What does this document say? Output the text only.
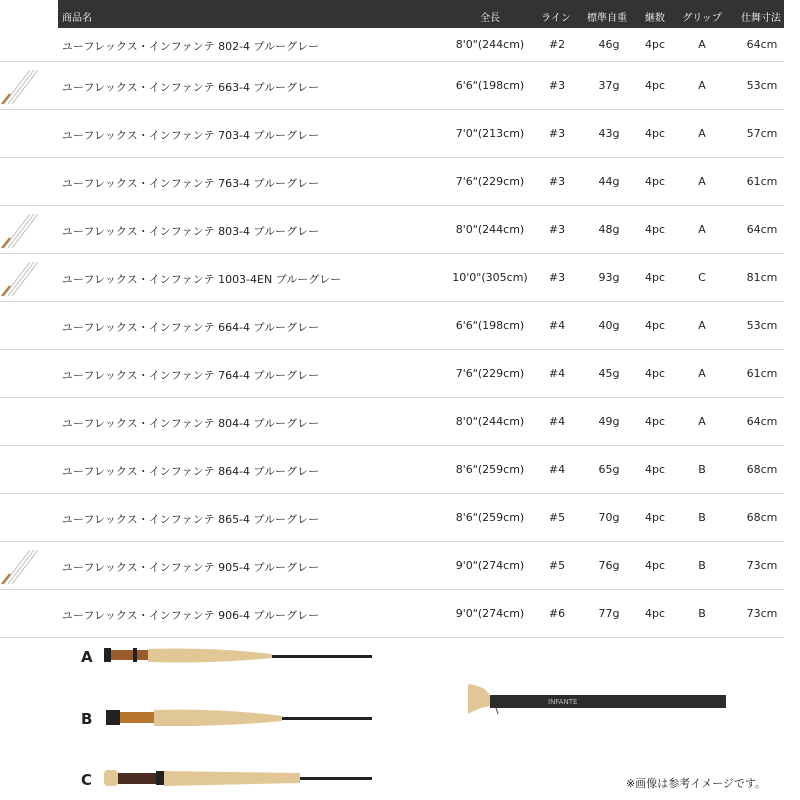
商品名	全長	ライン 標準自重 継数 グリップ 仕舞寸法
ユーフレックス・インファンテ 802-4 ブルーグレー	8'0"(244cm) #2	46g 4pc	A	64cm
ユーフレックス・インファンテ 663-4 ブルーグレー	6'6"(198cm) #3	37g 4pc	A	53cm
ユーフレックス・インファンテ 703-4 ブルーグレー	7'0"(213cm) #3	43g 4pc	A	57cm
ユーフレックス・インファンテ 763-4 ブルーグレー	7'6"(229cm) #3	44g 4pc	A	61cm
ユーフレックス・インファンテ 803-4 ブルーグレー	8'0"(244cm) #3	48g 4pc	A	64cm
ユーフレックス・インファンテ 1003-4EN ブルーグレー	10'0"(305cm) #3	93g 4pc	C	81cm
ユーフレックス・インファンテ 664-4 ブルーグレー	6'6"(198cm) #4	40g 4pc	A	53cm
ユーフレックス・インファンテ 764-4 ブルーグレー	7'6"(229cm) #4	45g 4pc	A	61cm
ユーフレックス・インファンテ 804-4 ブルーグレー	8'0"(244cm) #4	49g 4pc	A	64cm
ユーフレックス・インファンテ 864-4 ブルーグレー	8'6"(259cm) #4	65g 4pc	B	68cm
ユーフレックス・インファンテ 865-4 ブルーグレー	8'6"(259cm) #5	70g 4pc	B	68cm
ユーフレックス・インファンテ 905-4 ブルーグレー	9'0"(274cm) #5	76g 4pc	B	73cm
ユーフレックス・インファンテ 906-4 ブルーグレー	9'0"(274cm) #6	77g 4pc	B	73cm
A
B
C
INFANTE
※画像は参考イメージです。
